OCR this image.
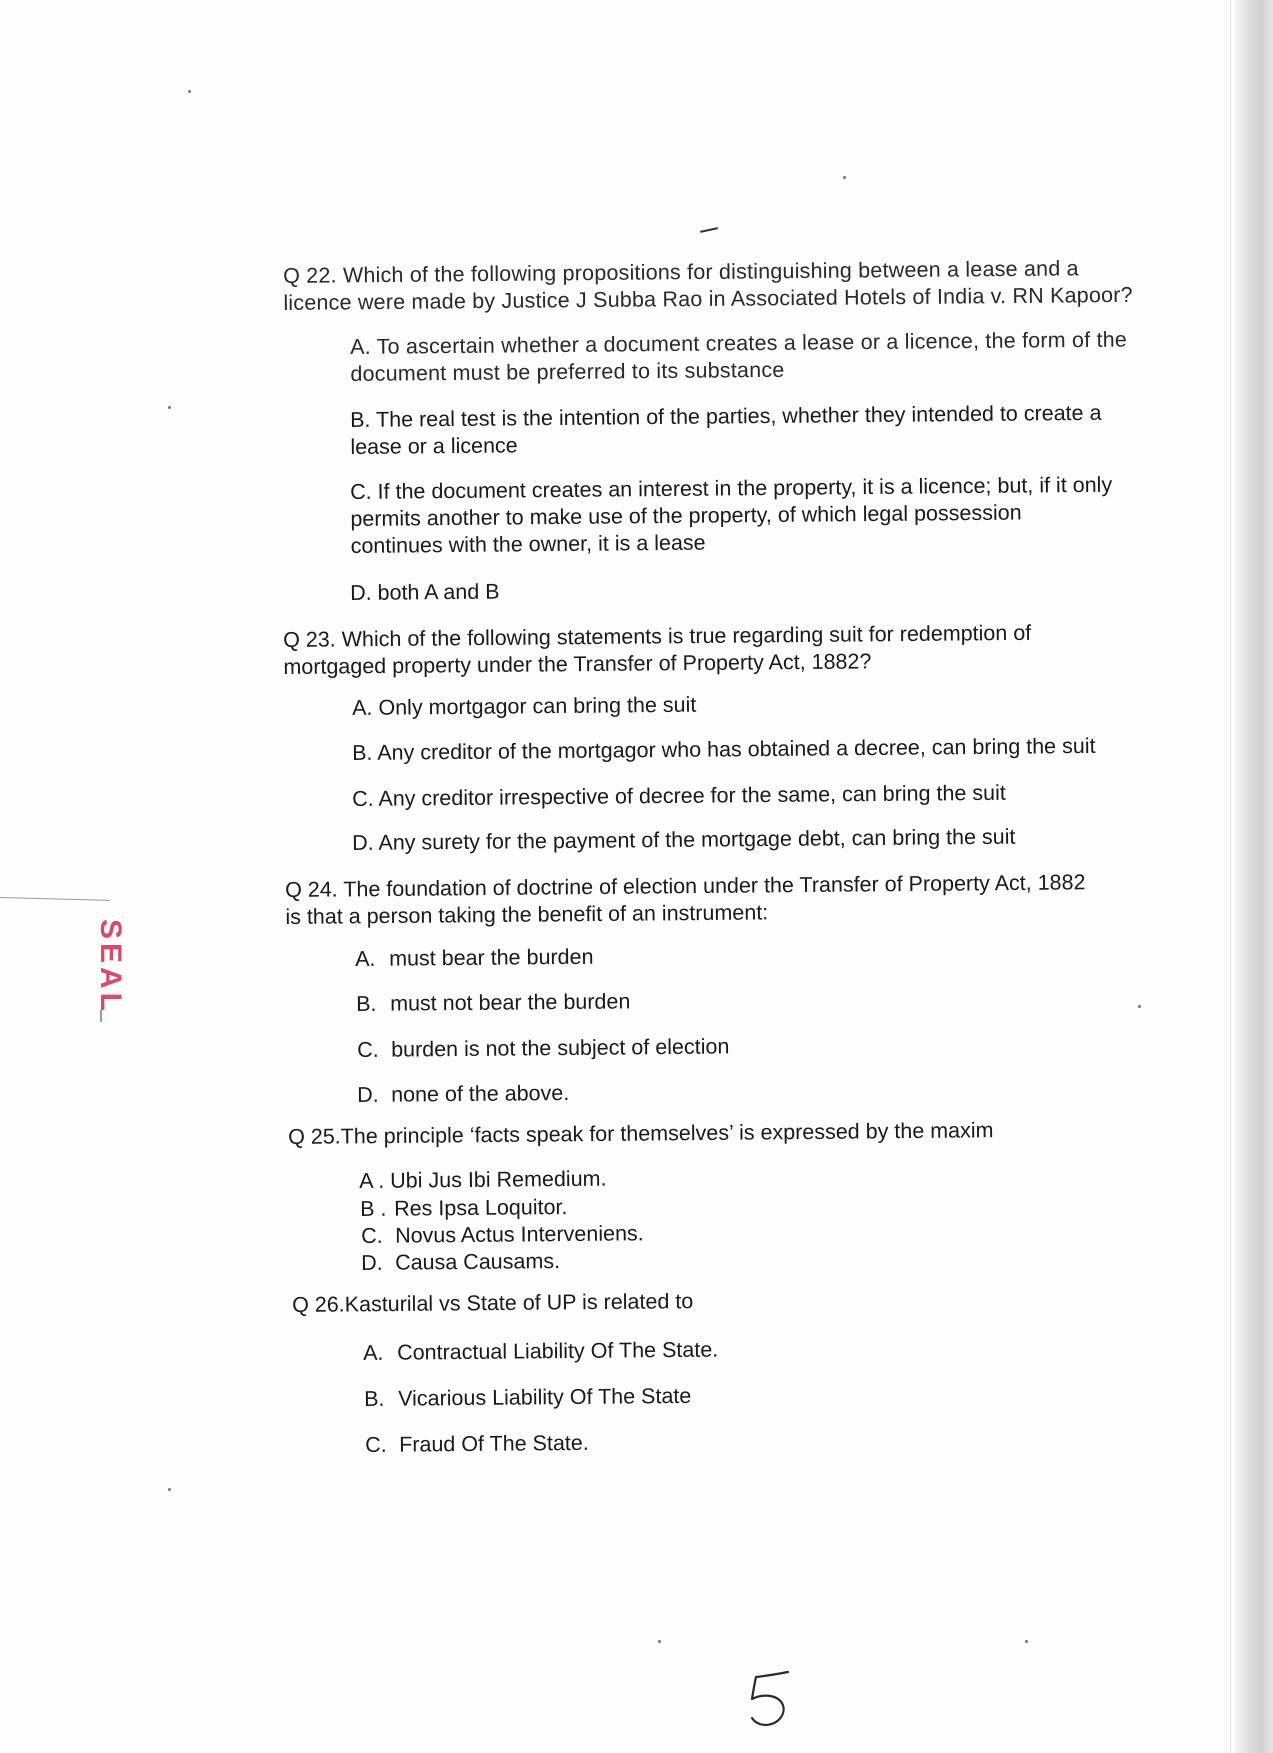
SEAL
Q 22. Which of the following propositions for distinguishing between a lease and a
licence were made by Justice J Subba Rao in Associated Hotels of India v. RN Kapoor?
A. To ascertain whether a document creates a lease or a licence, the form of the
document must be preferred to its substance
B. The real test is the intention of the parties, whether they intended to create a
lease or a licence
C. If the document creates an interest in the property, it is a licence; but, if it only
permits another to make use of the property, of which legal possession
continues with the owner, it is a lease
D. both A and B
Q 23. Which of the following statements is true regarding suit for redemption of
mortgaged property under the Transfer of Property Act, 1882?
A. Only mortgagor can bring the suit
B. Any creditor of the mortgagor who has obtained a decree, can bring the suit
C. Any creditor irrespective of decree for the same, can bring the suit
D. Any surety for the payment of the mortgage debt, can bring the suit
Q 24. The foundation of doctrine of election under the Transfer of Property Act, 1882
is that a person taking the benefit of an instrument:
A. must bear the burden
B. must not bear the burden
C. burden is not the subject of election
D. none of the above.
Q 25.The principle ‘facts speak for themselves’ is expressed by the maxim
A . Ubi Jus Ibi Remedium.
B . Res Ipsa Loquitor.
C. Novus Actus Interveniens.
D. Causa Causams.
Q 26.Kasturilal vs State of UP is related to
A. Contractual Liability Of The State.
B. Vicarious Liability Of The State
C. Fraud Of The State.
